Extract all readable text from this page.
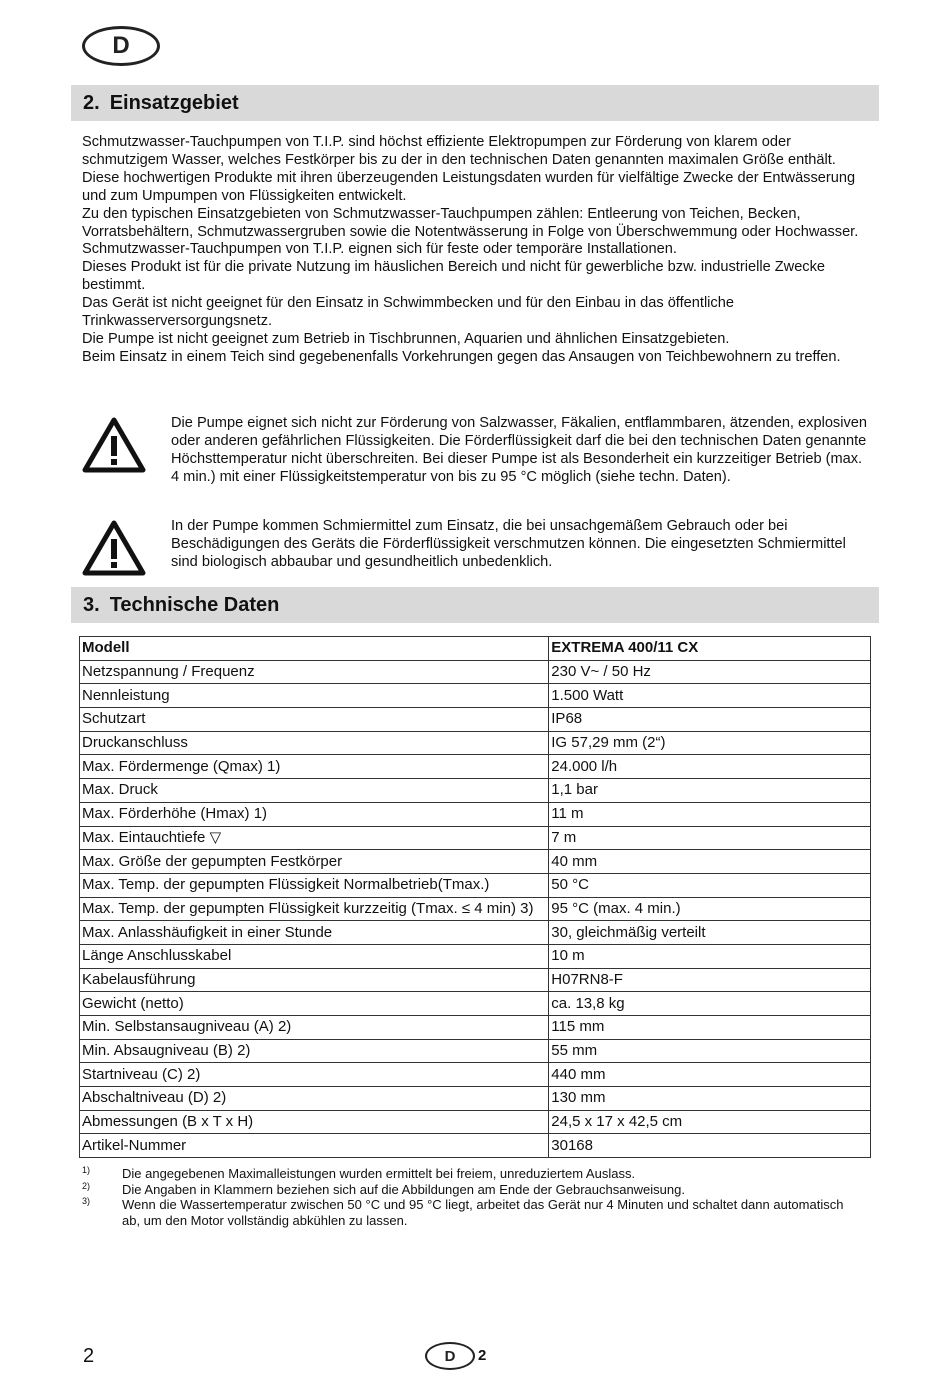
D
2. Einsatzgebiet

Schmutzwasser-Tauchpumpen von T.I.P. sind höchst effiziente Elektropumpen zur Förderung von klarem oder schmutzigem Wasser, welches Festkörper bis zu der in den technischen Daten genannten maximalen Größe enthält. Diese hochwertigen Produkte mit ihren überzeugenden Leistungsdaten wurden für vielfältige Zwecke der Entwässerung und zum Umpumpen von Flüssigkeiten entwickelt.

Zu den typischen Einsatzgebieten von Schmutzwasser-Tauchpumpen zählen: Entleerung von Teichen, Becken, Vorratsbehältern, Schmutzwassergruben sowie die Notentwässerung in Folge von Überschwemmung oder Hochwasser.

Schmutzwasser-Tauchpumpen von T.I.P. eignen sich für feste oder temporäre Installationen.

Dieses Produkt ist für die private Nutzung im häuslichen Bereich und nicht für gewerbliche bzw. industrielle Zwecke bestimmt.

Das Gerät ist nicht geeignet für den Einsatz in Schwimmbecken und für den Einbau in das öffentliche Trinkwasserversorgungsnetz.

Die Pumpe ist nicht geeignet zum Betrieb in Tischbrunnen, Aquarien und ähnlichen Einsatzgebieten.

Beim Einsatz in einem Teich sind gegebenenfalls Vorkehrungen gegen das Ansaugen von Teichbewohnern zu treffen.

Die Pumpe eignet sich nicht zur Förderung von Salzwasser, Fäkalien, entflammbaren, ätzenden, explosiven oder anderen gefährlichen Flüssigkeiten. Die Förderflüssigkeit darf die bei den technischen Daten genannte Höchsttemperatur nicht überschreiten. Bei dieser Pumpe ist als Besonderheit ein kurzzeitiger Betrieb (max. 4 min.) mit einer Flüssigkeitstemperatur von bis zu 95 °C möglich (siehe techn. Daten).
In der Pumpe kommen Schmiermittel zum Einsatz, die bei unsachgemäßem Gebrauch oder bei Beschädigungen des Geräts die Förderflüssigkeit verschmutzen können. Die eingesetzten Schmiermittel sind biologisch abbaubar und gesundheitlich unbedenklich.
3. Technische Daten
Modell	EXTREMA 400/11 CX
Netzspannung / Frequenz	230 V~ / 50 Hz
Nennleistung	1.500 Watt
Schutzart	IP68
Druckanschluss	IG 57,29 mm (2“)
Max. Fördermenge (Qmax) 1)	24.000 l/h
Max. Druck	1,1 bar
Max. Förderhöhe (Hmax) 1)	11 m
Max. Eintauchtiefe ▽	7 m
Max. Größe der gepumpten Festkörper	40 mm
Max. Temp. der gepumpten Flüssigkeit Normalbetrieb(Tmax.)	50 °C
Max. Temp. der gepumpten Flüssigkeit kurzzeitig (Tmax. ≤ 4 min) 3)	95 °C (max. 4 min.)
Max. Anlasshäufigkeit in einer Stunde	30, gleichmäßig verteilt
Länge Anschlusskabel	10 m
Kabelausführung	H07RN8-F
Gewicht (netto)	ca. 13,8 kg
Min. Selbstansaugniveau (A) 2)	115 mm
Min. Absaugniveau (B) 2)	55 mm
Startniveau (C) 2)	440 mm
Abschaltniveau (D) 2)	130 mm
Abmessungen (B x T x H)	24,5 x 17 x 42,5 cm
Artikel-Nummer	30168
1) Die angegebenen Maximalleistungen wurden ermittelt bei freiem, unreduziertem Auslass.
2) Die Angaben in Klammern beziehen sich auf die Abbildungen am Ende der Gebrauchsanweisung.
3) Wenn die Wassertemperatur zwischen 50 °C und 95 °C liegt, arbeitet das Gerät nur 4 Minuten und schaltet dann automatisch ab, um den Motor vollständig abkühlen zu lassen.
2	D 2
